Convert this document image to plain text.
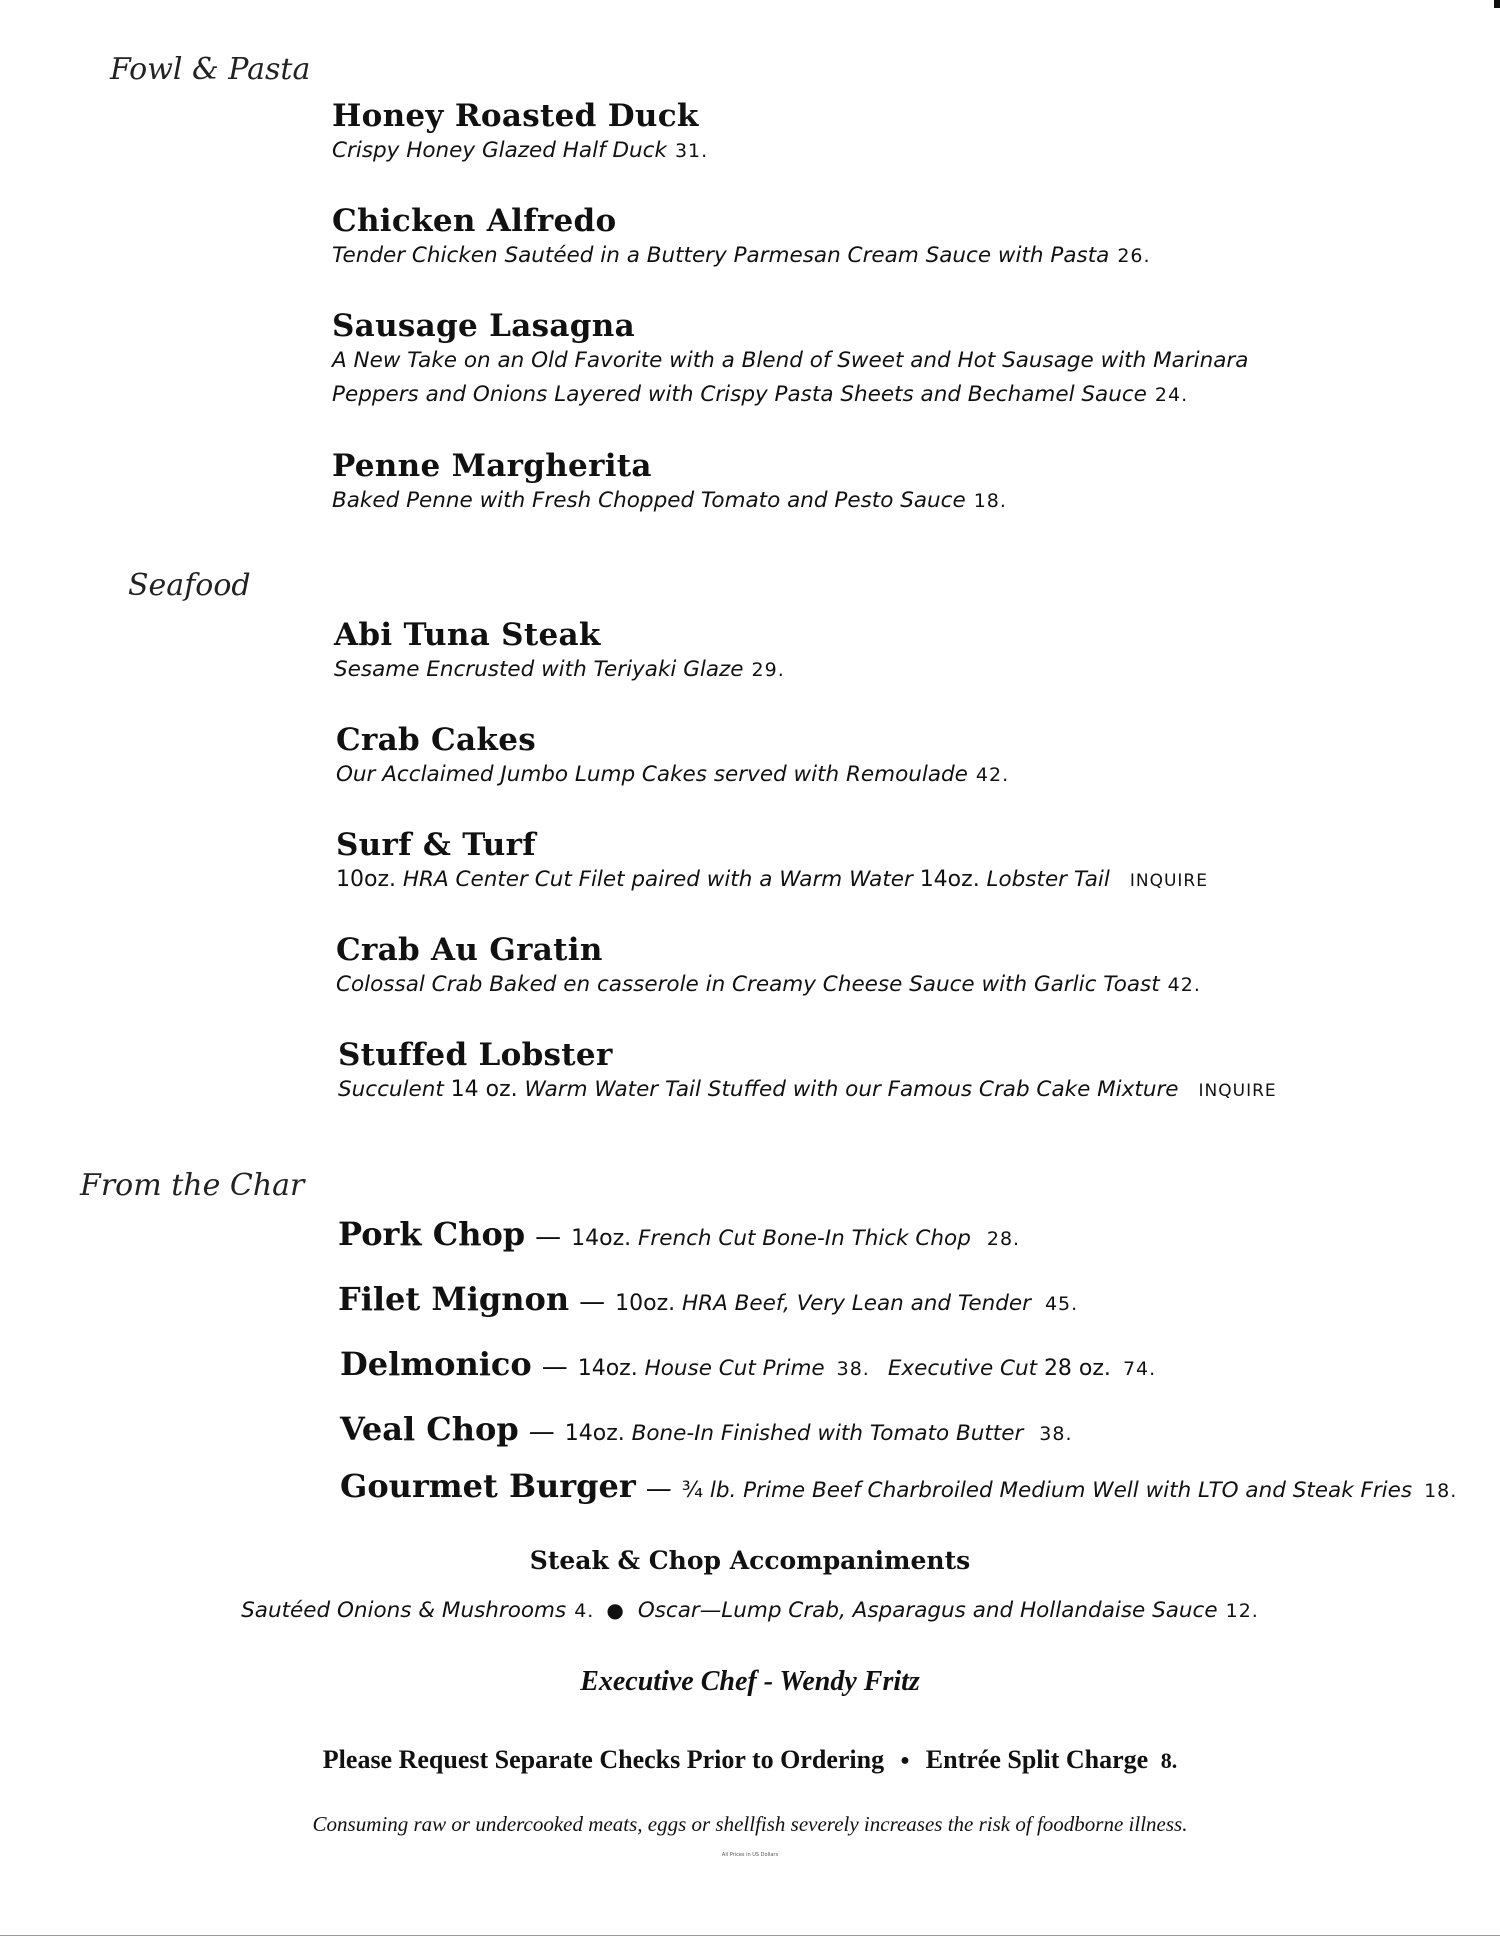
Fowl & Pasta
Honey Roasted Duck
Crispy Honey Glazed Half Duck 31.
Chicken Alfredo
Tender Chicken Sautéed in a Buttery Parmesan Cream Sauce with Pasta 26.
Sausage Lasagna
A New Take on an Old Favorite with a Blend of Sweet and Hot Sausage with Marinara
Peppers and Onions Layered with Crispy Pasta Sheets and Bechamel Sauce 24.
Penne Margherita
Baked Penne with Fresh Chopped Tomato and Pesto Sauce 18.
Seafood
Abi Tuna Steak
Sesame Encrusted with Teriyaki Glaze 29.
Crab Cakes
Our Acclaimed Jumbo Lump Cakes served with Remoulade 42.
Surf & Turf
10oz. HRA Center Cut Filet paired with a Warm Water 14oz. Lobster Tail INQUIRE
Crab Au Gratin
Colossal Crab Baked en casserole in Creamy Cheese Sauce with Garlic Toast 42.
Stuffed Lobster
Succulent 14 oz. Warm Water Tail Stuffed with our Famous Crab Cake Mixture INQUIRE
From the Char
Pork Chop — 14oz.
French Cut Bone-In Thick Chop 28.
Filet Mignon — 10oz.
HRA Beef, Very Lean and Tender 45.
Delmonico — 14oz.
House Cut Prime 38. Executive Cut
28 oz. 74.
Veal Chop — 14oz.
Bone-In Finished with Tomato Butter 38.
Gourmet Burger — ¾
lb. Prime Beef Charbroiled Medium Well with LTO and Steak Fries 18.
Steak & Chop Accompaniments
Sautéed Onions & Mushrooms 4. ● Oscar—Lump Crab, Asparagus and Hollandaise Sauce 12.
Executive Chef - Wendy Fritz
Please Request Separate Checks Prior to Ordering ● Entrée Split Charge 8.
Consuming raw or undercooked meats, eggs or shellfish severely increases the risk of foodborne illness.
All Prices in US Dollars
